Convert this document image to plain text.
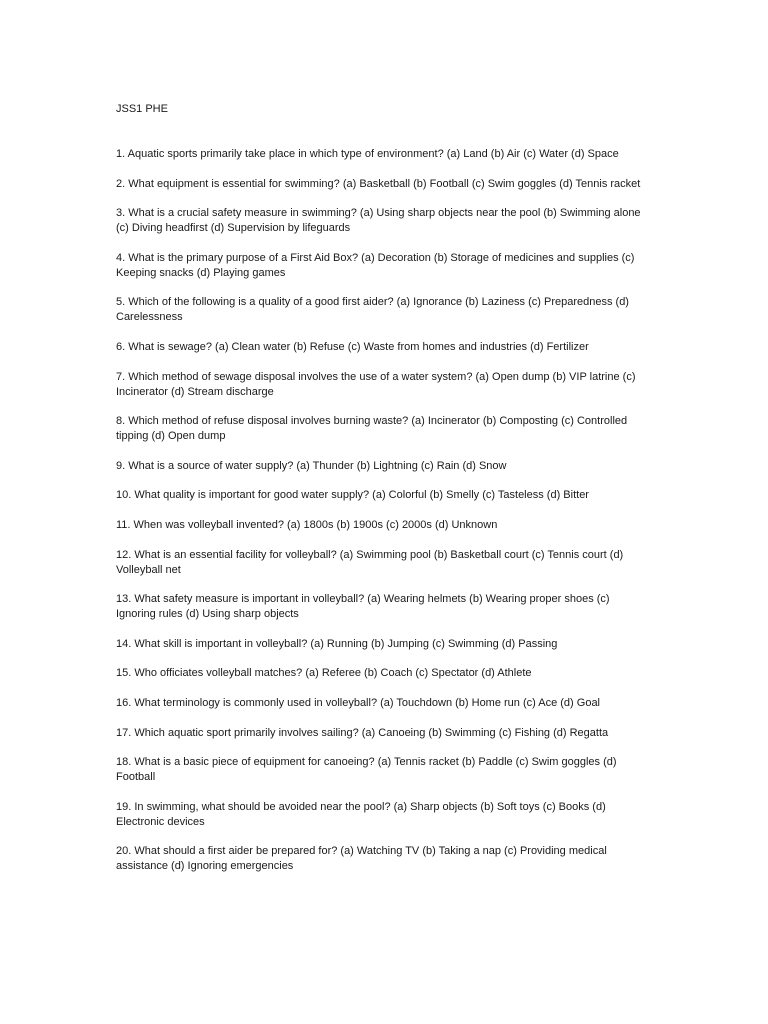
JSS1 PHE
1. Aquatic sports primarily take place in which type of environment? (a) Land (b) Air (c) Water (d) Space
2. What equipment is essential for swimming? (a) Basketball (b) Football (c) Swim goggles (d) Tennis racket
3. What is a crucial safety measure in swimming? (a) Using sharp objects near the pool (b) Swimming alone (c) Diving headfirst (d) Supervision by lifeguards
4. What is the primary purpose of a First Aid Box? (a) Decoration (b) Storage of medicines and supplies (c) Keeping snacks (d) Playing games
5. Which of the following is a quality of a good first aider? (a) Ignorance (b) Laziness (c) Preparedness (d) Carelessness
6. What is sewage? (a) Clean water (b) Refuse (c) Waste from homes and industries (d) Fertilizer
7. Which method of sewage disposal involves the use of a water system? (a) Open dump (b) VIP latrine (c) Incinerator (d) Stream discharge
8. Which method of refuse disposal involves burning waste? (a) Incinerator (b) Composting (c) Controlled tipping (d) Open dump
9. What is a source of water supply? (a) Thunder (b) Lightning (c) Rain (d) Snow
10. What quality is important for good water supply? (a) Colorful (b) Smelly (c) Tasteless (d) Bitter
11. When was volleyball invented? (a) 1800s (b) 1900s (c) 2000s (d) Unknown
12. What is an essential facility for volleyball? (a) Swimming pool (b) Basketball court (c) Tennis court (d) Volleyball net
13. What safety measure is important in volleyball? (a) Wearing helmets (b) Wearing proper shoes (c) Ignoring rules (d) Using sharp objects
14. What skill is important in volleyball? (a) Running (b) Jumping (c) Swimming (d) Passing
15. Who officiates volleyball matches? (a) Referee (b) Coach (c) Spectator (d) Athlete
16. What terminology is commonly used in volleyball? (a) Touchdown (b) Home run (c) Ace (d) Goal
17. Which aquatic sport primarily involves sailing? (a) Canoeing (b) Swimming (c) Fishing (d) Regatta
18. What is a basic piece of equipment for canoeing? (a) Tennis racket (b) Paddle (c) Swim goggles (d) Football
19. In swimming, what should be avoided near the pool? (a) Sharp objects (b) Soft toys (c) Books (d) Electronic devices
20. What should a first aider be prepared for? (a) Watching TV (b) Taking a nap (c) Providing medical assistance (d) Ignoring emergencies
